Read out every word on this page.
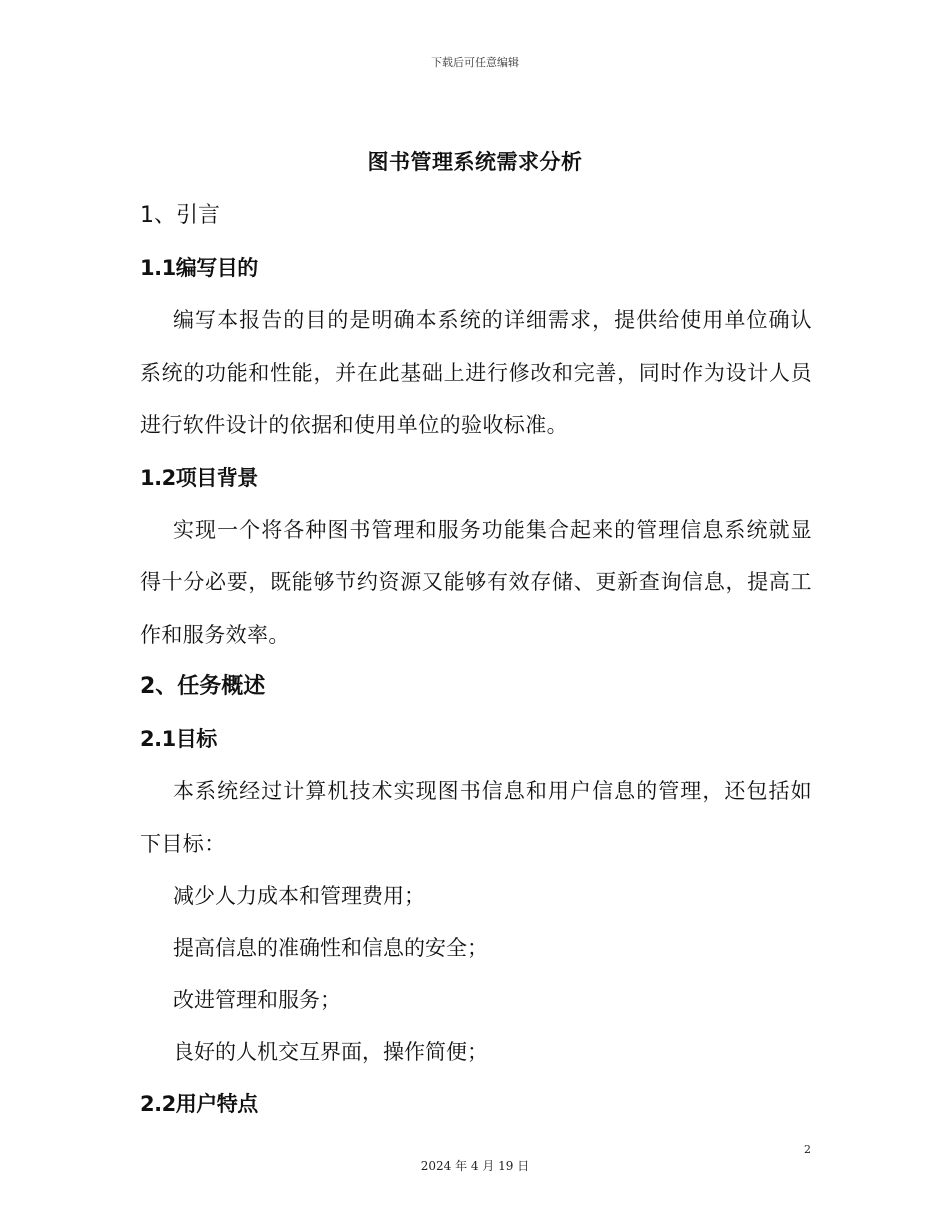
下载后可任意编辑
图书管理系统需求分析

1、引言

1.1编写目的

编写本报告的目的是明确本系统的详细需求，提供给使用单位确认系统的功能和性能，并在此基础上进行修改和完善，同时作为设计人员进行软件设计的依据和使用单位的验收标准。

1.2项目背景

实现一个将各种图书管理和服务功能集合起来的管理信息系统就显得十分必要，既能够节约资源又能够有效存储、更新查询信息，提高工作和服务效率。

2、任务概述

2.1目标

本系统经过计算机技术实现图书信息和用户信息的管理，还包括如下目标：

减少人力成本和管理费用；

提高信息的准确性和信息的安全；

改进管理和服务；

良好的人机交互界面，操作简便；

2.2用户特点

2
2024 年 4 月 19 日
